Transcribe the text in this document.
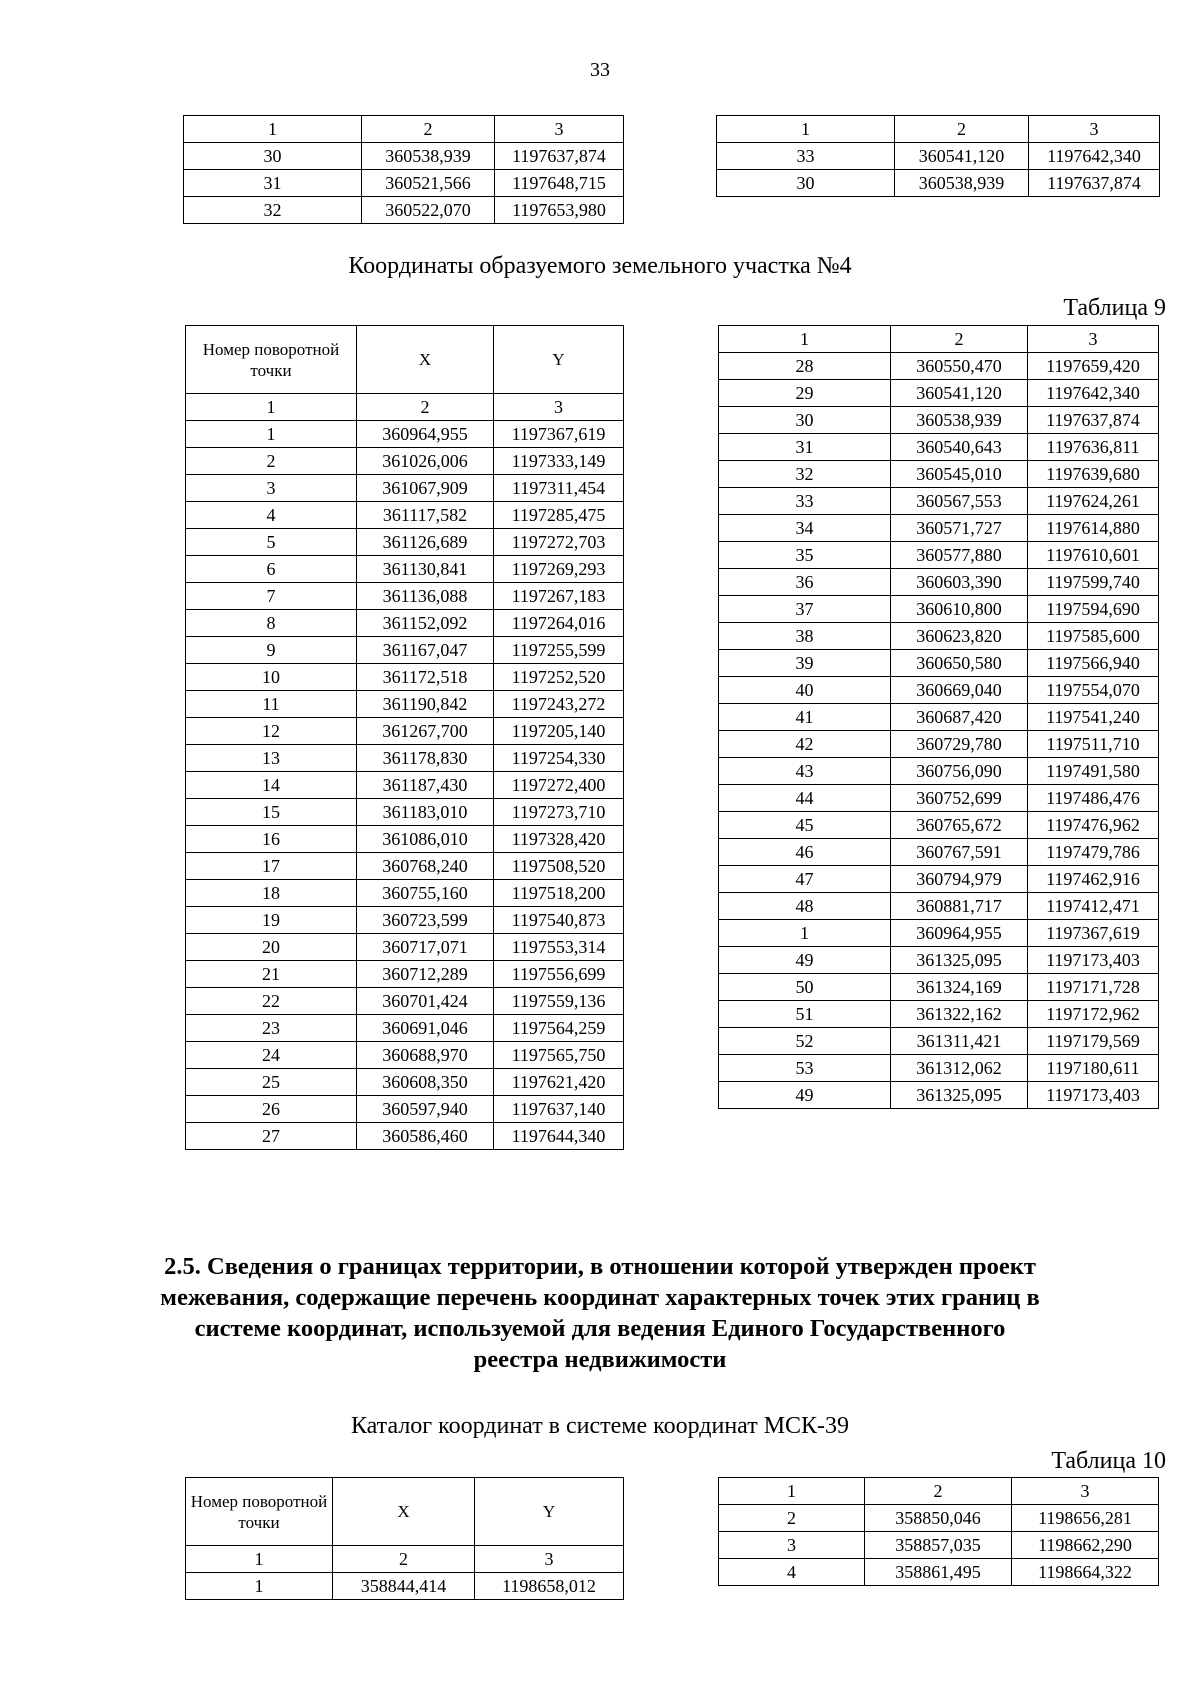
33
1	2	3
30	360538,939	1197637,874
31	360521,566	1197648,715
32	360522,070	1197653,980
1	2	3
33	360541,120	1197642,340
30	360538,939	1197637,874
Координаты образуемого земельного участка №4
Таблица 9
Номер поворотной точки	X	Y
1	2	3
1	360964,955	1197367,619
2	361026,006	1197333,149
3	361067,909	1197311,454
4	361117,582	1197285,475
5	361126,689	1197272,703
6	361130,841	1197269,293
7	361136,088	1197267,183
8	361152,092	1197264,016
9	361167,047	1197255,599
10	361172,518	1197252,520
11	361190,842	1197243,272
12	361267,700	1197205,140
13	361178,830	1197254,330
14	361187,430	1197272,400
15	361183,010	1197273,710
16	361086,010	1197328,420
17	360768,240	1197508,520
18	360755,160	1197518,200
19	360723,599	1197540,873
20	360717,071	1197553,314
21	360712,289	1197556,699
22	360701,424	1197559,136
23	360691,046	1197564,259
24	360688,970	1197565,750
25	360608,350	1197621,420
26	360597,940	1197637,140
27	360586,460	1197644,340
1	2	3
28	360550,470	1197659,420
29	360541,120	1197642,340
30	360538,939	1197637,874
31	360540,643	1197636,811
32	360545,010	1197639,680
33	360567,553	1197624,261
34	360571,727	1197614,880
35	360577,880	1197610,601
36	360603,390	1197599,740
37	360610,800	1197594,690
38	360623,820	1197585,600
39	360650,580	1197566,940
40	360669,040	1197554,070
41	360687,420	1197541,240
42	360729,780	1197511,710
43	360756,090	1197491,580
44	360752,699	1197486,476
45	360765,672	1197476,962
46	360767,591	1197479,786
47	360794,979	1197462,916
48	360881,717	1197412,471
1	360964,955	1197367,619
49	361325,095	1197173,403
50	361324,169	1197171,728
51	361322,162	1197172,962
52	361311,421	1197179,569
53	361312,062	1197180,611
49	361325,095	1197173,403
2.5. Сведения о границах территории, в отношении которой утвержден проект межевания, содержащие перечень координат характерных точек этих границ в системе координат, используемой для ведения Единого Государственного реестра недвижимости
Каталог координат в системе координат МСК-39
Таблица 10
Номер поворотной точки	X	Y
1	2	3
1	358844,414	1198658,012
1	2	3
2	358850,046	1198656,281
3	358857,035	1198662,290
4	358861,495	1198664,322
